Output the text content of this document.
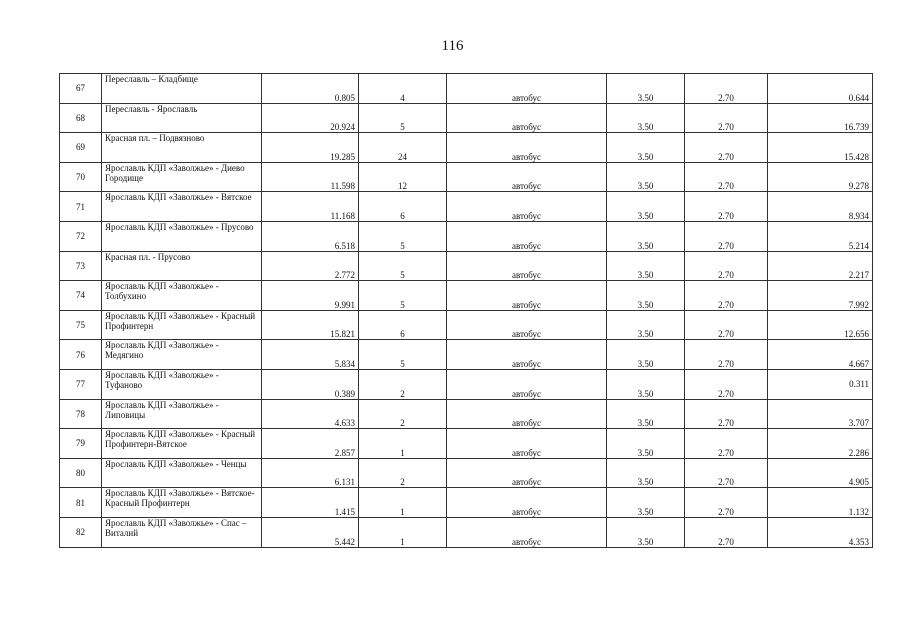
116
67	Переславль – Кладбище	0.805	4	автобус	3.50	2.70	0.644
68	Переславль - Ярославль	20.924	5	автобус	3.50	2.70	16.739
69	Красная пл. – Подвязново	19.285	24	автобус	3.50	2.70	15.428
70	Ярославль КДП «Заволжье» - Диево Городище	11.598	12	автобус	3.50	2.70	9.278
71	Ярославль КДП «Заволжье» - Вятское	11.168	6	автобус	3.50	2.70	8.934
72	Ярославль КДП «Заволжье» - Прусово	6.518	5	автобус	3.50	2.70	5.214
73	Красная пл. - Прусово	2.772	5	автобус	3.50	2.70	2.217
74	Ярославль КДП «Заволжье» - Толбухино	9.991	5	автобус	3.50	2.70	7.992
75	Ярославль КДП «Заволжье» - Красный Профинтерн	15.821	6	автобус	3.50	2.70	12.656
76	Ярославль КДП «Заволжье» - Медягино	5.834	5	автобус	3.50	2.70	4.667
77	Ярославль КДП «Заволжье» - Туфаново	0.389	2	автобус	3.50	2.70	0.311
78	Ярославль КДП «Заволжье» - Липовицы	4.633	2	автобус	3.50	2.70	3.707
79	Ярославль КДП «Заволжье» - Красный Профинтерн-Вятское	2.857	1	автобус	3.50	2.70	2.286
80	Ярославль КДП «Заволжье» - Ченцы	6.131	2	автобус	3.50	2.70	4.905
81	Ярославль КДП «Заволжье» - Вятское-Красный Профинтерн	1.415	1	автобус	3.50	2.70	1.132
82	Ярославль КДП «Заволжье» - Спас – Виталий	5.442	1	автобус	3.50	2.70	4.353
